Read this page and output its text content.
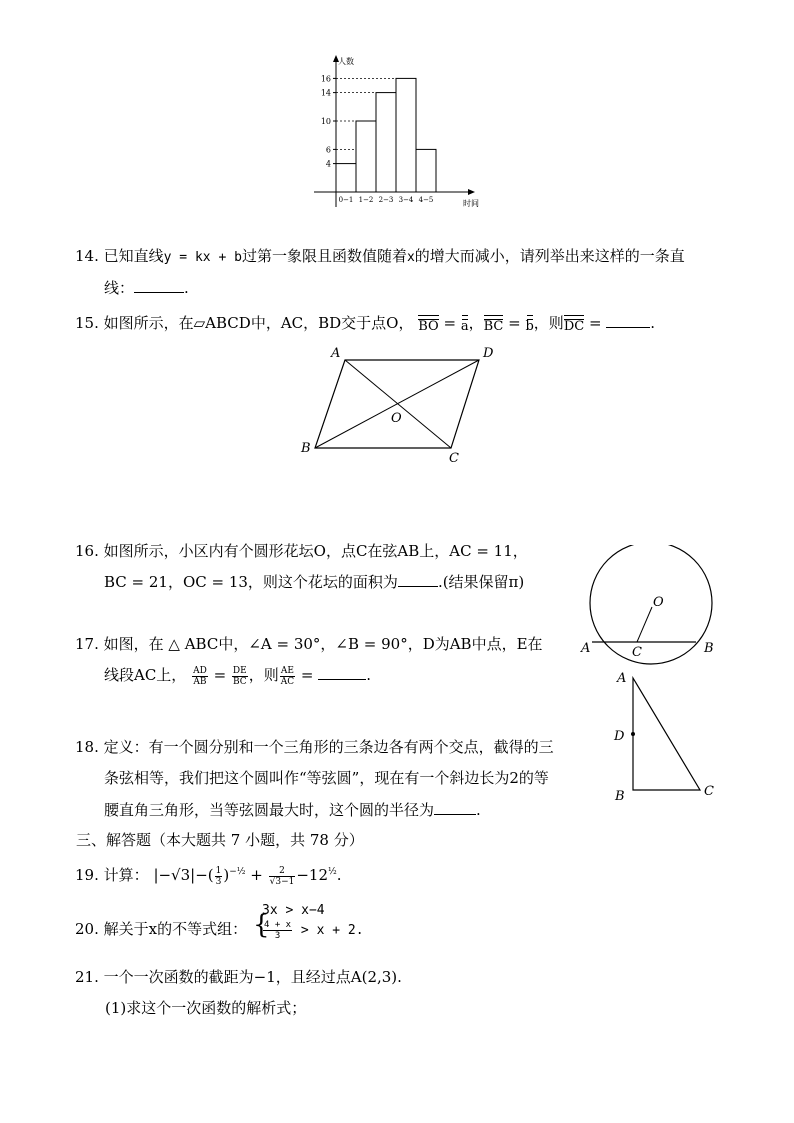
4
6
10
14
16
0−1 1−2 2−3 3−4 4−5
人数
时间
14. 已知直线y = kx + b过第一象限且函数值随着x的增大而减小，请列举出来这样的一条直
线：	.
15. 如图所示，在▱ABCD中，AC，BD交于点O， BO =
a，
BC =
b，则
DC =	.
A	D
B
C
O
16. 如图所示，小区内有个圆形花坛O，点C在弦AB上，AC = 11，
BC = 21，OC = 13，则这个花坛的面积为	.(结果保留π)
O
A	B
C
17. 如图，在 △ ABC中，∠A = 30°，∠B = 90°，D为AB中点，E在
线段AC上， $\frac{AD}{AB} = \frac{DE}{BC}$ ，则 $\frac{AE}{AC}$ =	.	A
D
B	C
18. 定义：有一个圆分别和一个三角形的三条边各有两个交点，截得的三
条弦相等，我们把这个圆叫作“等弦圆”，现在有一个斜边长为2的等
腰直角三角形，当等弦圆最大时，这个圆的半径为	.
三、解答题（本大题共 7 小题，共 78 分）
19. 计算： $|-√3|-( \frac{1}{3} )^{-\frac{1}{2}} + \frac{2}{√3-1} -12^{\frac{1}{2}}$.
20. 解关于x的不等式组： {
3x > x−4
$\frac{4 + x}{3} > x + 2$.
21. 一个一次函数的截距为−1，且经过点A(2,3).
(1)求这个一次函数的解析式；
